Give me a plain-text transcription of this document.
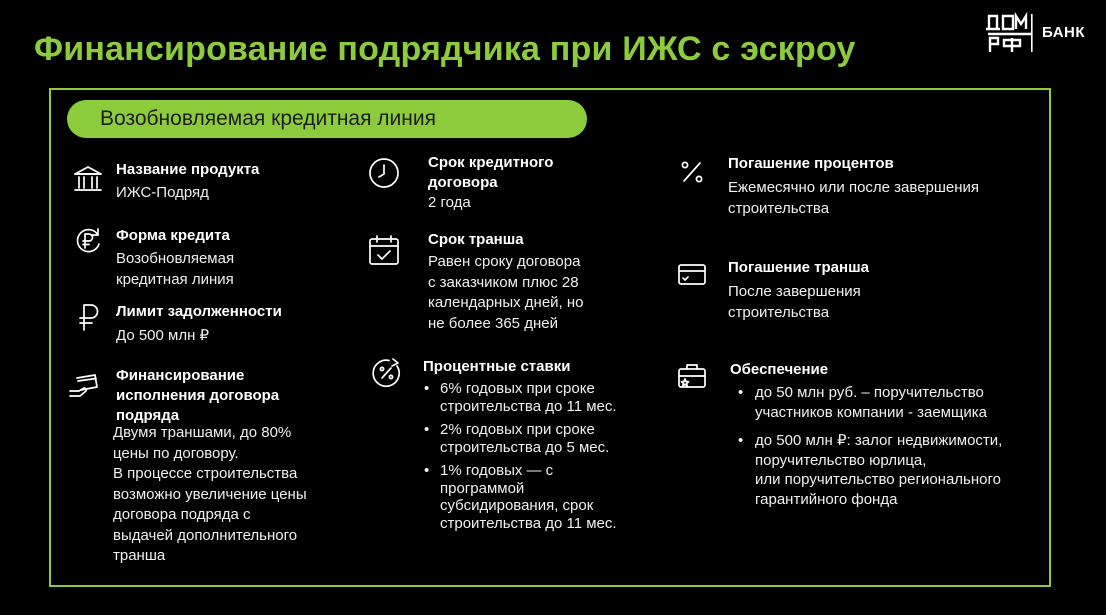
Финансирование подрядчика при ИЖС с эскроу	БАНК
Возобновляемая кредитная линия
Название продукта
ИЖС-Подряд
Форма кредита
Возобновляемая
кредитная линия
Лимит задолженности
До 500 млн ₽
Финансирование
исполнения договора
подряда
Двумя траншами, до 80%
цены по договору.
В процессе строительства
возможно увеличение цены
договора подряда с
выдачей дополнительного
транша
Срок кредитного
договора
2 года
Срок транша
Равен сроку договора
с заказчиком плюс 28
календарных дней, но
не более 365 дней
Процентные ставки
• 6% годовых при сроке
строительства до 11 мес.
• 2% годовых при сроке
строительства до 5 мес.
• 1% годовых — с
программой
субсидирования, срок
строительства до 11 мес.
Погашение процентов
Ежемесячно или после завершения
строительства
Погашение транша
После завершения
строительства
Обеспечение
• до 50 млн руб. – поручительство
участников компании - заемщика
• до 500 млн ₽: залог недвижимости,
поручительство юрлица,
или поручительство регионального
гарантийного фонда
